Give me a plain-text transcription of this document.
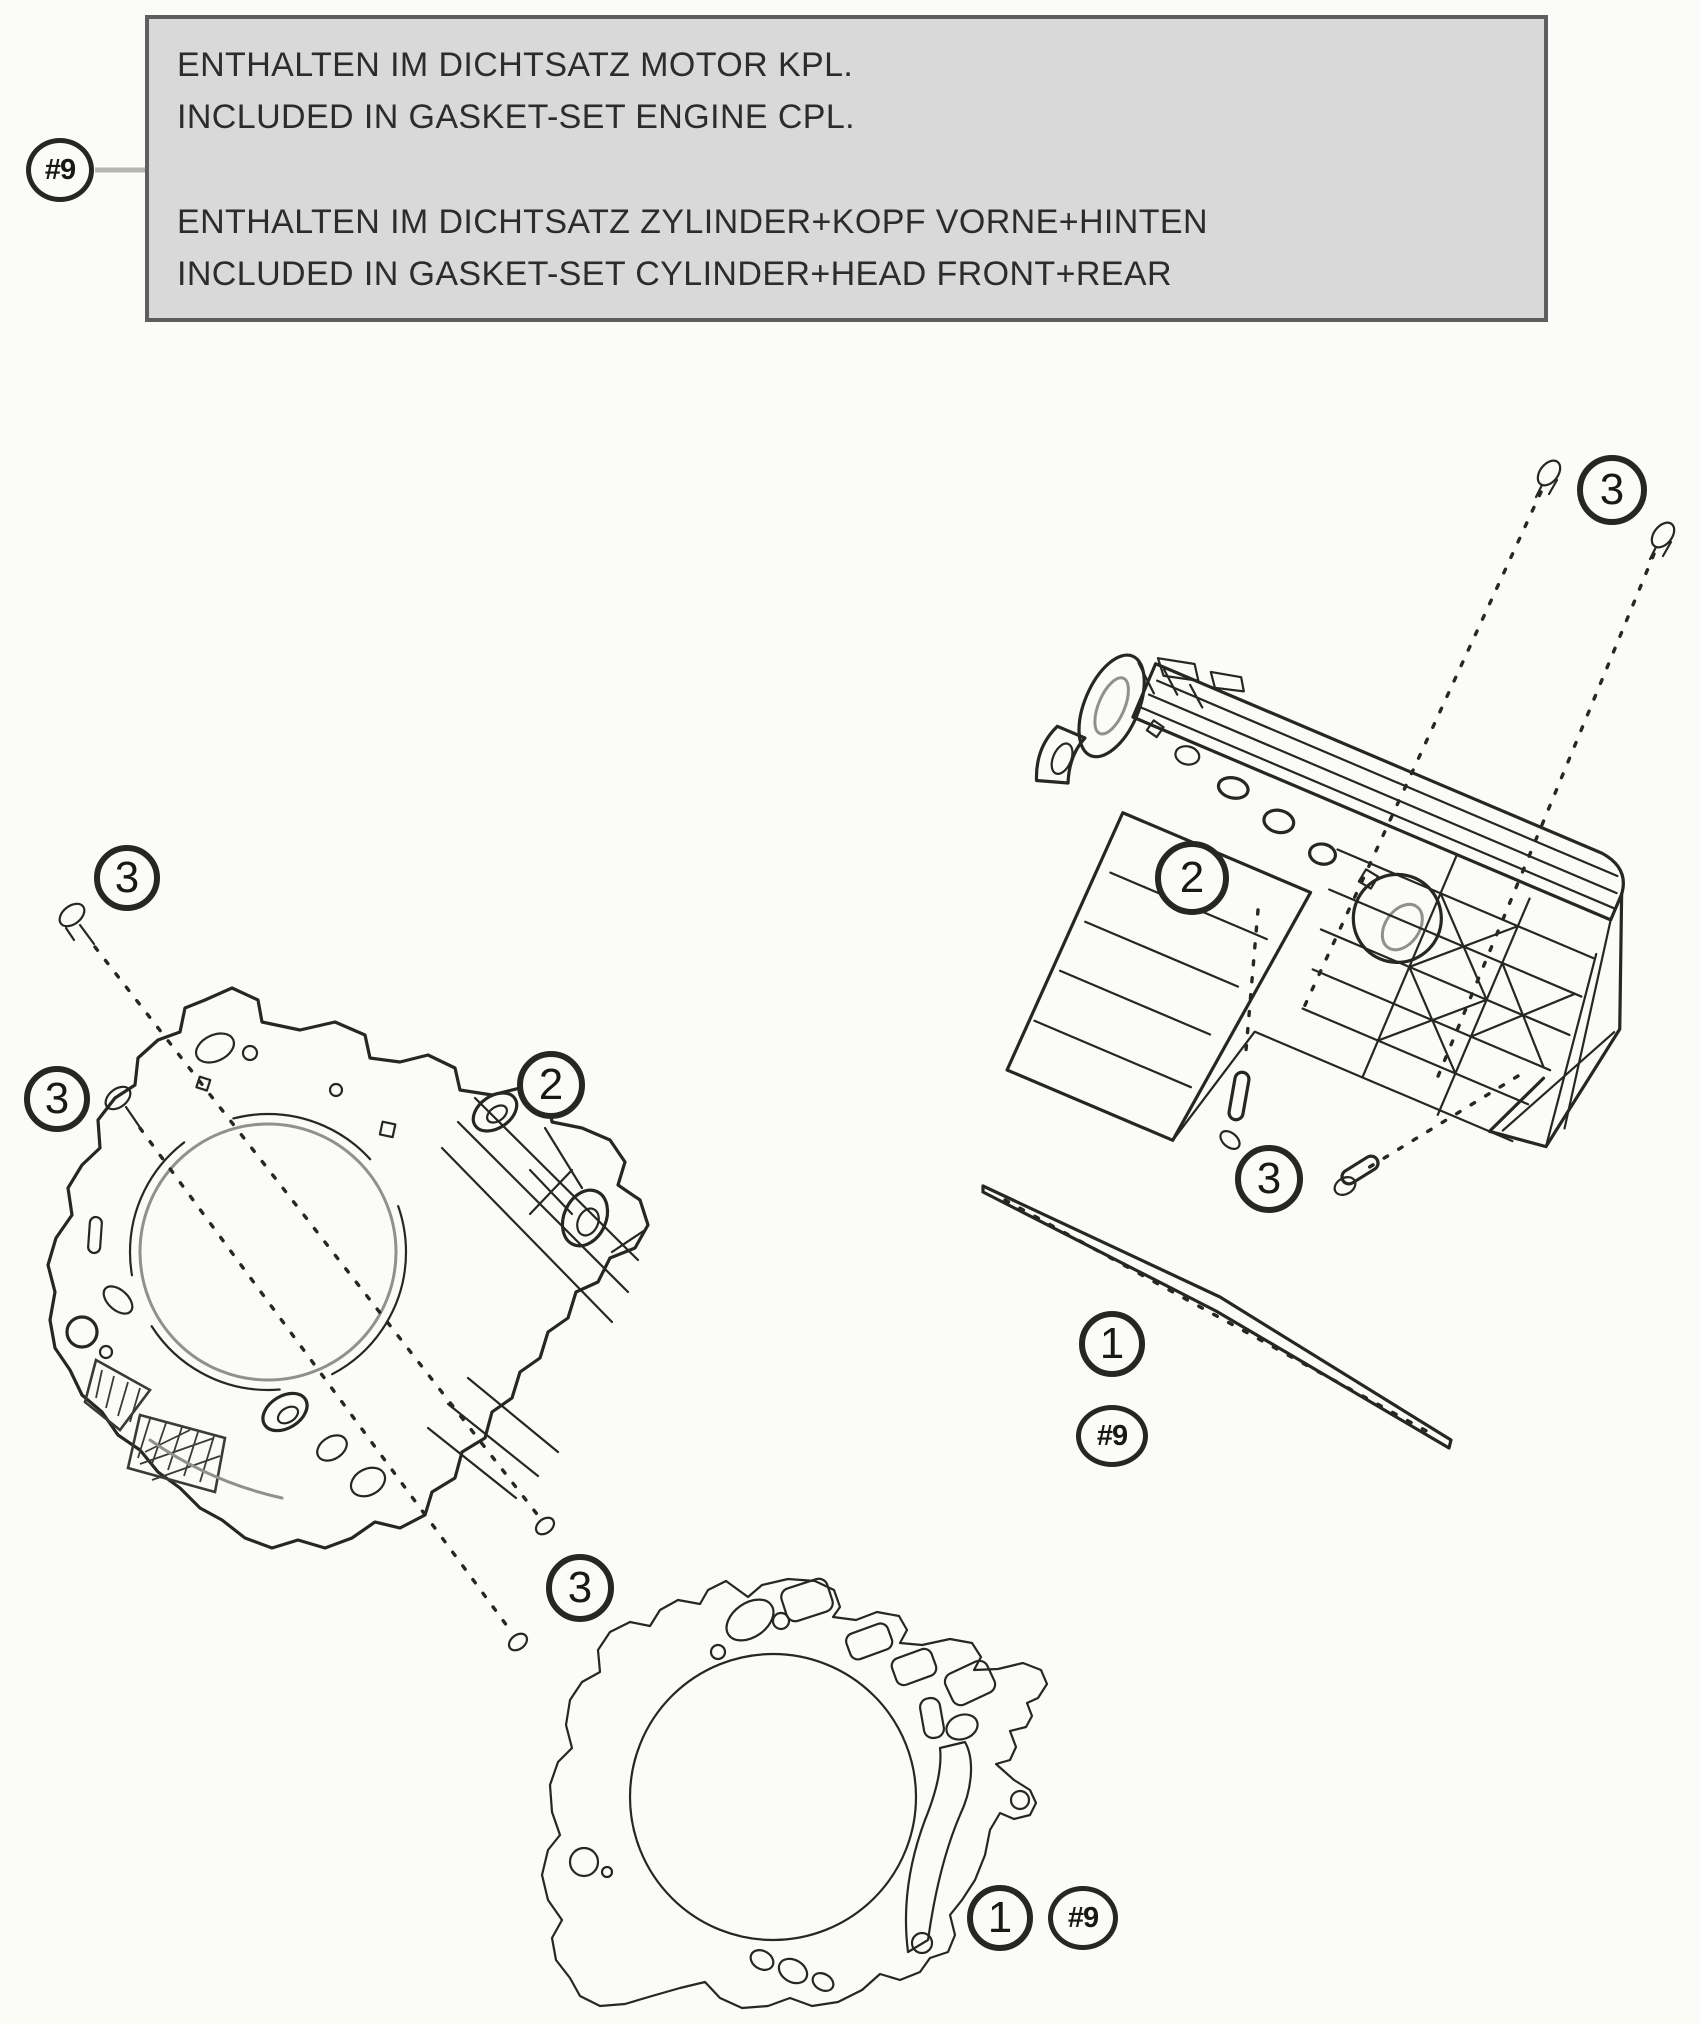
ENTHALTEN IM DICHTSATZ MOTOR KPL.
INCLUDED IN GASKET-SET ENGINE CPL.
ENTHALTEN IM DICHTSATZ ZYLINDER+KOPF VORNE+HINTEN
INCLUDED IN GASKET-SET CYLINDER+HEAD FRONT+REAR
#9
3
2
3
1
#9
3
3	2
3
1	#9
